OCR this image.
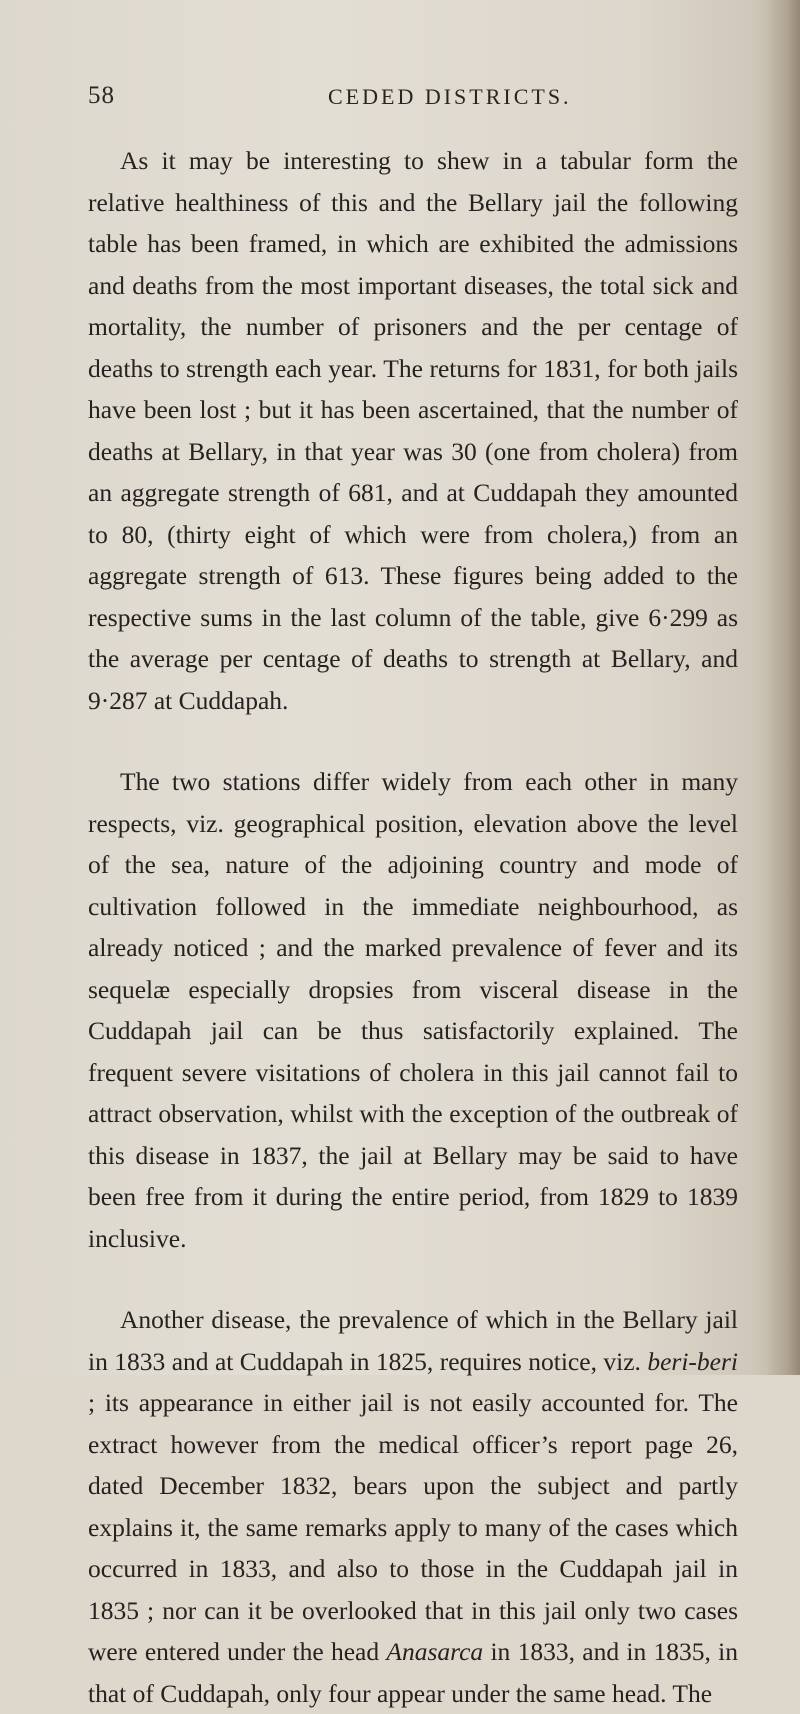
58	CEDED DISTRICTS.

As it may be interesting to shew in a tabular form the relative healthiness of this and the Bellary jail the following table has been framed, in which are exhibited the admissions and deaths from the most important diseases, the total sick and mortality, the number of prisoners and the per centage of deaths to strength each year. The returns for 1831, for both jails have been lost ; but it has been ascertained, that the number of deaths at Bellary, in that year was 30 (one from cholera) from an aggregate strength of 681, and at Cuddapah they amounted to 80, (thirty eight of which were from cholera,) from an aggregate strength of 613. These figures being added to the respective sums in the last column of the table, give 6·299 as the average per centage of deaths to strength at Bellary, and 9·287 at Cuddapah.

The two stations differ widely from each other in many respects, viz. geographical position, elevation above the level of the sea, nature of the adjoining country and mode of cultivation followed in the immediate neighbourhood, as already noticed ; and the marked prevalence of fever and its sequelæ especially dropsies from visceral disease in the Cuddapah jail can be thus satisfactorily explained. The frequent severe visitations of cholera in this jail cannot fail to attract observation, whilst with the exception of the outbreak of this disease in 1837, the jail at Bellary may be said to have been free from it during the entire period, from 1829 to 1839 inclusive.

Another disease, the prevalence of which in the Bellary jail in 1833 and at Cuddapah in 1825, requires notice, viz. beri-beri ; its appearance in either jail is not easily accounted for. The extract however from the medical officer’s report page 26, dated December 1832, bears upon the subject and partly explains it, the same remarks apply to many of the cases which occurred in 1833, and also to those in the Cuddapah jail in 1835 ; nor can it be overlooked that in this jail only two cases were entered under the head Anasarca in 1833, and in 1835, in that of Cuddapah, only four appear under the same head. The
